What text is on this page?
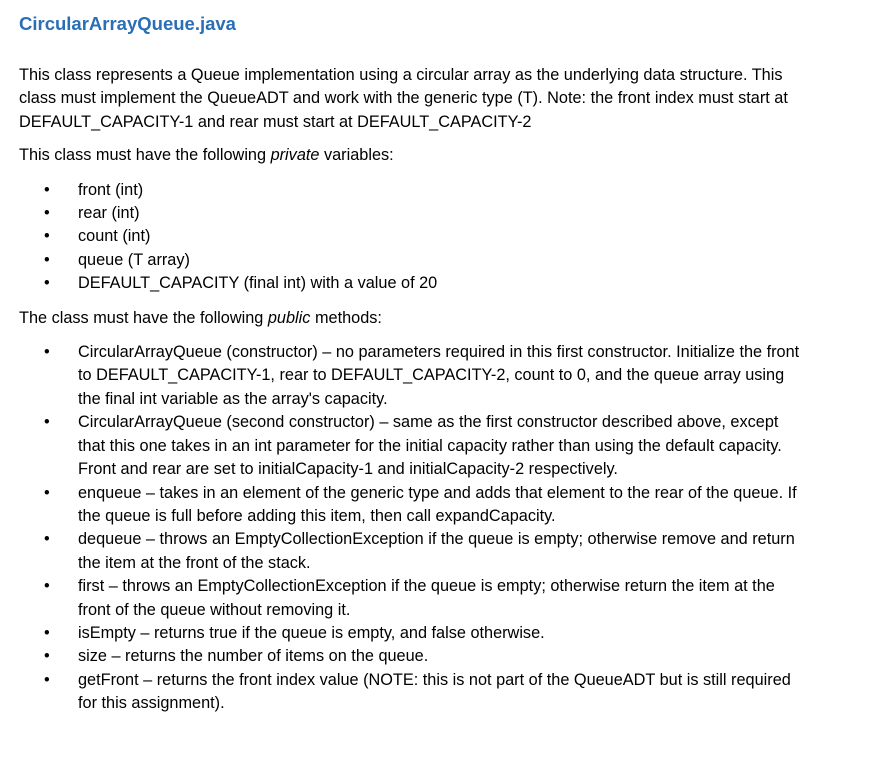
CircularArrayQueue.java

This class represents a Queue implementation using a circular array as the underlying data structure. This class must implement the QueueADT and work with the generic type (T). Note: the front index must start at DEFAULT_CAPACITY-1 and rear must start at DEFAULT_CAPACITY-2

This class must have the following private variables:

• front (int)
• rear (int)
• count (int)
• queue (T array)
• DEFAULT_CAPACITY (final int) with a value of 20

The class must have the following public methods:

• CircularArrayQueue (constructor) – no parameters required in this first constructor. Initialize the front to DEFAULT_CAPACITY-1, rear to DEFAULT_CAPACITY-2, count to 0, and the queue array using the final int variable as the array's capacity.
• CircularArrayQueue (second constructor) – same as the first constructor described above, except that this one takes in an int parameter for the initial capacity rather than using the default capacity. Front and rear are set to initialCapacity-1 and initialCapacity-2 respectively.
• enqueue – takes in an element of the generic type and adds that element to the rear of the queue. If the queue is full before adding this item, then call expandCapacity.
• dequeue – throws an EmptyCollectionException if the queue is empty; otherwise remove and return the item at the front of the stack.
• first – throws an EmptyCollectionException if the queue is empty; otherwise return the item at the front of the queue without removing it.
• isEmpty – returns true if the queue is empty, and false otherwise.
• size – returns the number of items on the queue.
• getFront – returns the front index value (NOTE: this is not part of the QueueADT but is still required for this assignment).
